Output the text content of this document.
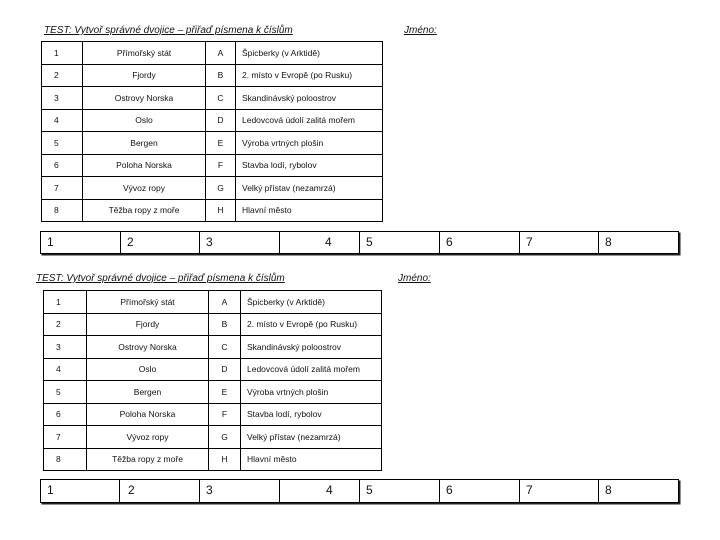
TEST: Vytvoř správné dvojice – přiřaď písmena k číslům	Jméno:
1	Přímořský stát	A	Špicberky (v Arktidě)
2	Fjordy	B	2. místo v Evropě (po Rusku)
3	Ostrovy Norska	C	Skandinávský poloostrov
4	Oslo	D	Ledovcová údolí zalitá mořem
5	Bergen	E	Výroba vrtných plošin
6	Poloha Norska	F	Stavba lodí, rybolov
7	Vývoz ropy	G	Velký přístav (nezamrzá)
8	Těžba ropy z moře	H	Hlavní město
1	2	3	4	5	6	7	8
TEST: Vytvoř správné dvojice – přiřaď písmena k číslům	Jméno:
1	Přímořský stát	A	Špicberky (v Arktidě)
2	Fjordy	B	2. místo v Evropě (po Rusku)
3	Ostrovy Norska	C	Skandinávský poloostrov
4	Oslo	D	Ledovcová údolí zalitá mořem
5	Bergen	E	Výroba vrtných plošin
6	Poloha Norska	F	Stavba lodí, rybolov
7	Vývoz ropy	G	Velký přístav (nezamrzá)
8	Těžba ropy z moře	H	Hlavní město
1	2	3	4	5	6	7	8
